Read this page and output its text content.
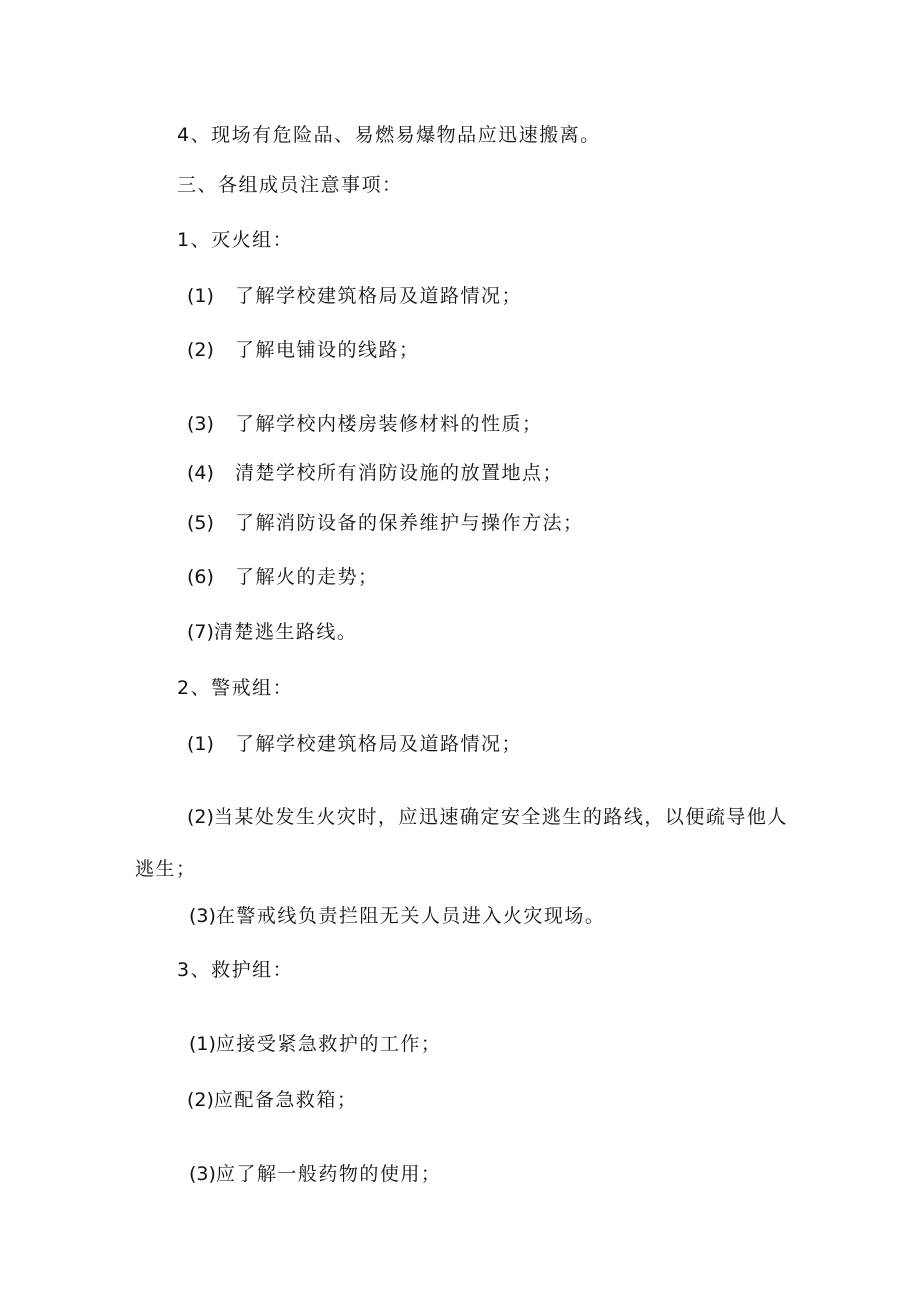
4、现场有危险品、易燃易爆物品应迅速搬离。
三、各组成员注意事项：
1、灭火组：
(1) 了解学校建筑格局及道路情况；
(2) 了解电铺设的线路；
(3) 了解学校内楼房装修材料的性质；
(4) 清楚学校所有消防设施的放置地点；
(5) 了解消防设备的保养维护与操作方法；
(6) 了解火的走势；
(7)清楚逃生路线。
2、警戒组：
(1) 了解学校建筑格局及道路情况；
(2)当某处发生火灾时，应迅速确定安全逃生的路线，以便疏导他人
逃生；
(3)在警戒线负责拦阻无关人员进入火灾现场。
3、救护组：
(1)应接受紧急救护的工作；
(2)应配备急救箱；
(3)应了解一般药物的使用；
